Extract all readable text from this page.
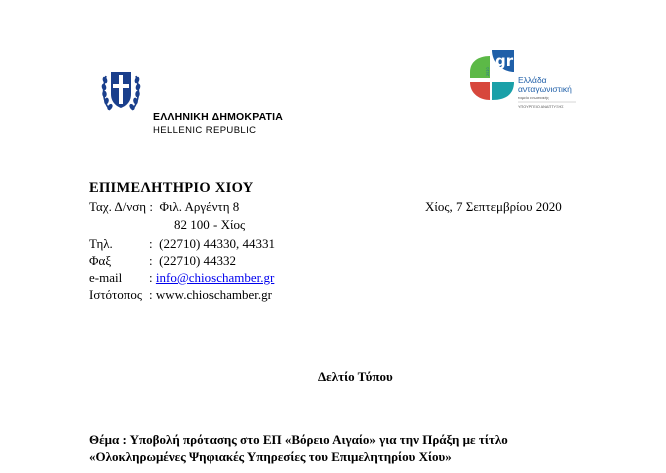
ΕΛΛΗΝΙΚΗ ΔΗΜΟΚΡΑΤΙΑ
HELLENIC REPUBLIC
gr
2020
Ελλάδα
ανταγωνιστική
ταμείο ενωσιακής
ΥΠΟΥΡΓΕΙΟ ΑΝΑΠΤΥΞΗΣ
ΕΠΙΜΕΛΗΤΗΡΙΟ ΧΙΟΥ
Ταχ. Δ/νση : Φιλ. Αργέντη 8
82 100 - Χίος
Τηλ.	: (22710) 44330, 44331
Φαξ	: (22710) 44332
e-mail : info@chioschamber.gr
Ιστότοπος : www.chioschamber.gr
Χίος, 7 Σεπτεμβρίου 2020
Δελτίο Τύπου
Θέμα : Υποβολή πρότασης στο ΕΠ «Βόρειο Αιγαίο» για την Πράξη με τίτλο
«Ολοκληρωμένες Ψηφιακές Υπηρεσίες του Επιμελητηρίου Χίου»
